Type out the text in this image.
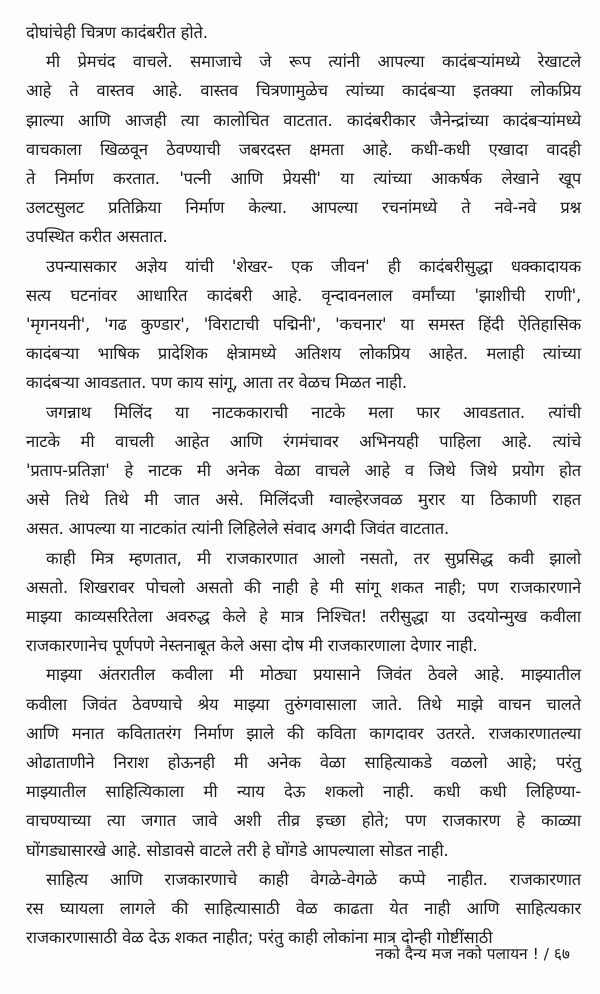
दोघांचेही चित्रण कादंबरीत होते.
मी प्रेमचंद वाचले. समाजाचे जे रूप त्यांनी आपल्या कादंबऱ्यांमध्ये रेखाटले
आहे ते वास्तव आहे. वास्तव चित्रणामुळेच त्यांच्या कादंबऱ्या इतक्या लोकप्रिय
झाल्या आणि आजही त्या कालोचित वाटतात. कादंबरीकार जैनेन्द्रांच्या कादंबऱ्यांमध्ये
वाचकाला खिळवून ठेवण्याची जबरदस्त क्षमता आहे. कधी-कधी एखादा वादही
ते निर्माण करतात. 'पत्नी आणि प्रेयसी' या त्यांच्या आकर्षक लेखाने खूप
उलटसुलट प्रतिक्रिया निर्माण केल्या. आपल्या रचनांमध्ये ते नवे-नवे प्रश्न
उपस्थित करीत असतात.
उपन्यासकार अज्ञेय यांची 'शेखर- एक जीवन' ही कादंबरीसुद्धा धक्कादायक
सत्य घटनांवर आधारित कादंबरी आहे. वृन्दावनलाल वर्मांच्या 'झाशीची राणी',
'मृगनयनी', 'गढ कुण्डार', 'विराटाची पद्मिनी', 'कचनार' या समस्त हिंदी ऐतिहासिक
कादंबऱ्या भाषिक प्रादेशिक क्षेत्रामध्ये अतिशय लोकप्रिय आहेत. मलाही त्यांच्या
कादंबऱ्या आवडतात. पण काय सांगू, आता तर वेळच मिळत नाही.
जगन्नाथ मिलिंद या नाटककाराची नाटके मला फार आवडतात. त्यांची
नाटके मी वाचली आहेत आणि रंगमंचावर अभिनयही पाहिला आहे. त्यांचे
'प्रताप-प्रतिज्ञा' हे नाटक मी अनेक वेळा वाचले आहे व जिथे जिथे प्रयोग होत
असे तिथे तिथे मी जात असे. मिलिंदजी ग्वाल्हेरजवळ मुरार या ठिकाणी राहत
असत. आपल्या या नाटकांत त्यांनी लिहिलेले संवाद अगदी जिवंत वाटतात.
काही मित्र म्हणतात, मी राजकारणात आलो नसतो, तर सुप्रसिद्ध कवी झालो
असतो. शिखरावर पोचलो असतो की नाही हे मी सांगू शकत नाही; पण राजकारणाने
माझ्या काव्यसरितेला अवरुद्ध केले हे मात्र निश्चित! तरीसुद्धा या उदयोन्मुख कवीला
राजकारणानेच पूर्णपणे नेस्तनाबूत केले असा दोष मी राजकारणाला देणार नाही.
माझ्या अंतरातील कवीला मी मोठ्या प्रयासाने जिवंत ठेवले आहे. माझ्यातील
कवीला जिवंत ठेवण्याचे श्रेय माझ्या तुरुंगवासाला जाते. तिथे माझे वाचन चालते
आणि मनात कवितातरंग निर्माण झाले की कविता कागदावर उतरते. राजकारणातल्या
ओढाताणीने निराश होऊनही मी अनेक वेळा साहित्याकडे वळलो आहे; परंतु
माझ्यातील साहित्यिकाला मी न्याय देऊ शकलो नाही. कधी कधी लिहिण्या-
वाचण्याच्या त्या जगात जावे अशी तीव्र इच्छा होते; पण राजकारण हे काळ्या
घोंगड्यासारखे आहे. सोडावसे वाटले तरी हे घोंगडे आपल्याला सोडत नाही.
साहित्य आणि राजकारणाचे काही वेगळे-वेगळे कप्पे नाहीत. राजकारणात
रस घ्यायला लागले की साहित्यासाठी वेळ काढता येत नाही आणि साहित्यकार
राजकारणासाठी वेळ देऊ शकत नाहीत; परंतु काही लोकांना मात्र दोन्ही गोष्टींसाठी
नको दैन्य मज नको पलायन ! / ६७
